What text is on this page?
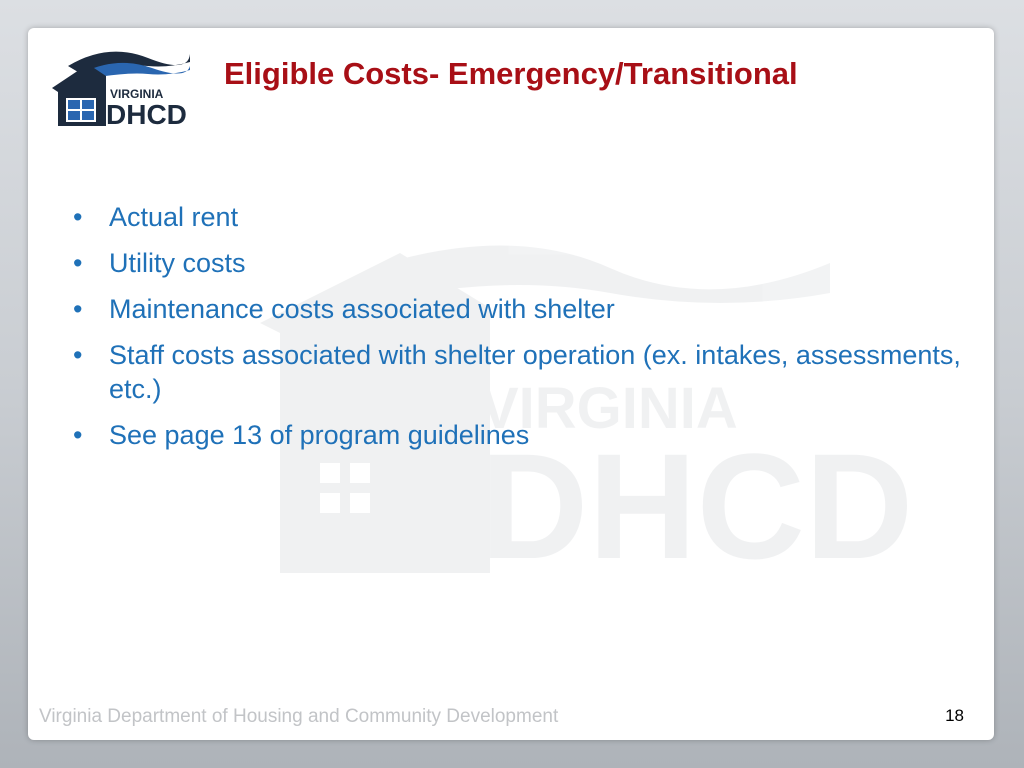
VIRGINIA
DHCD
VIRGINIA
DHCD
Eligible Costs- Emergency/Transitional
• Actual rent
• Utility costs
• Maintenance costs associated with shelter
• Staff costs associated with shelter operation (ex. intakes, assessments, etc.)
• See page 13 of program guidelines
Virginia Department of Housing and Community Development	18
